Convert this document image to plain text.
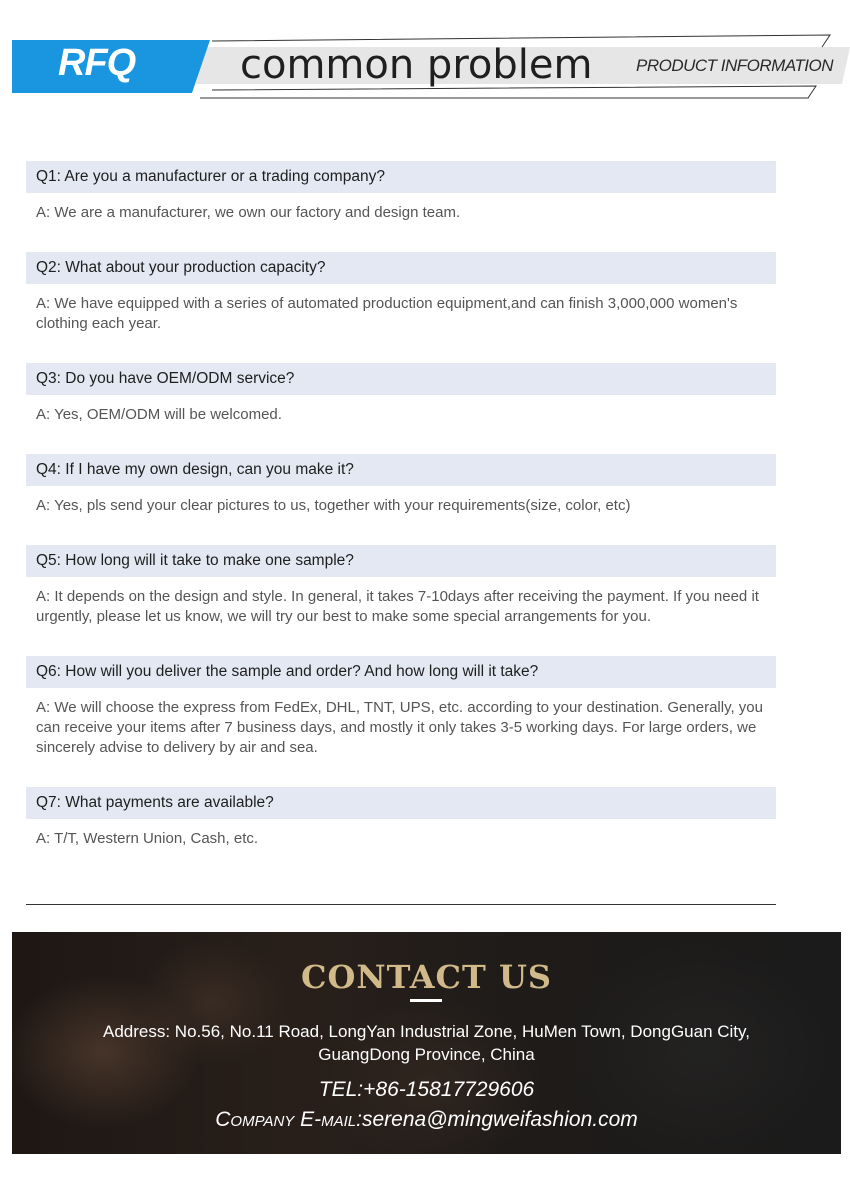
RFQ	common problem	PRODUCT INFORMATION
Q1: Are you a manufacturer or a trading company?
A: We are a manufacturer, we own our factory and design team.
Q2: What about your production capacity?
A: We have equipped with a series of automated production equipment,and can finish 3,000,000 women's clothing each year.
Q3: Do you have OEM/ODM service?
A: Yes, OEM/ODM will be welcomed.
Q4: If I have my own design, can you make it?
A: Yes, pls send your clear pictures to us, together with your requirements(size, color, etc)
Q5: How long will it take to make one sample?
A: It depends on the design and style. In general, it takes 7-10days after receiving the payment. If you need it urgently, please let us know, we will try our best to make some special arrangements for you.
Q6: How will you deliver the sample and order? And how long will it take?
A: We will choose the express from FedEx, DHL, TNT, UPS, etc. according to your destination. Generally, you can receive your items after 7 business days, and mostly it only takes 3-5 working days. For large orders, we sincerely advise to delivery by air and sea.
Q7: What payments are available?
A: T/T, Western Union, Cash, etc.
CONTACT US
Address: No.56, No.11 Road, LongYan Industrial Zone, HuMen Town, DongGuan City,
GuangDong Province, China
TEL:+86-15817729606
Company E-mail:serena@mingweifashion.com
